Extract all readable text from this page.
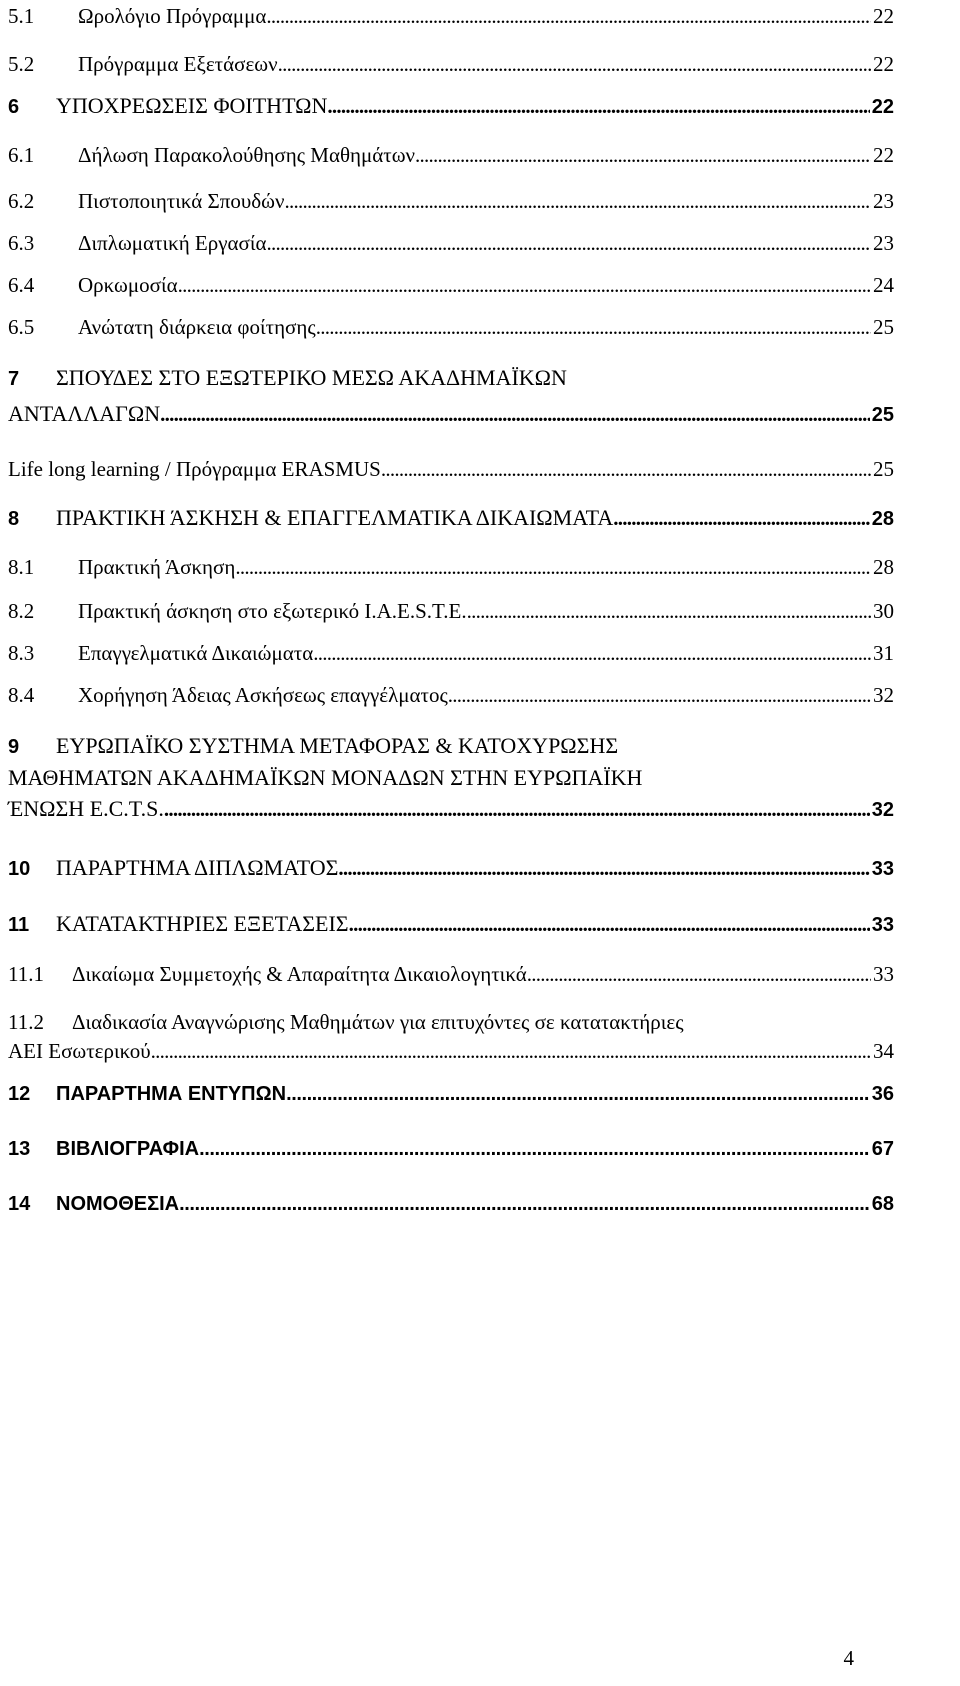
5.1	Ωρολόγιο Πρόγραμμα . . .	22
5.2	Πρόγραμμα Εξετάσεων . . .	22
6	ΥΠΟΧΡΕΩΣΕΙΣ ΦΟΙΤΗΤΩΝ . . .	22
6.1	Δήλωση Παρακολούθησης Μαθημάτων . . .	22
6.2	Πιστοποιητικά Σπουδών . . .	23
6.3	Διπλωματική Εργασία . . .	23
6.4	Ορκωμοσία . . .	24
6.5	Ανώτατη διάρκεια φοίτησης . . .	25
7	ΣΠΟΥΔΕΣ ΣΤΟ ΕΞΩΤΕΡΙΚΟ ΜΕΣΩ ΑΚΑΔΗΜΑΪΚΩΝ
ΑΝΤΑΛΛΑΓΩΝ . . .	25
Life long learning / Πρόγραμμα ERASMUS . . .	25
8	ΠΡΑΚΤΙΚΗ ΆΣΚΗΣΗ & ΕΠΑΓΓΕΛΜΑΤΙΚΑ ΔΙΚΑΙΩΜΑΤΑ . . .	28
8.1	Πρακτική Άσκηση . . .	28
8.2	Πρακτική άσκηση στο εξωτερικό Ι.Α.Ε.S.Τ.Ε. . . .	30
8.3	Επαγγελματικά Δικαιώματα . . .	31
8.4	Χορήγηση Άδειας Ασκήσεως επαγγέλματος . . .	32
9	ΕΥΡΩΠΑΪΚΟ ΣΥΣΤΗΜΑ ΜΕΤΑΦΟΡΑΣ & ΚΑΤΟΧΥΡΩΣΗΣ
ΜΑΘΗΜΑΤΩΝ ΑΚΑΔΗΜΑΪΚΩΝ ΜΟΝΑΔΩΝ ΣΤΗΝ ΕΥΡΩΠΑΪΚΗ
ΈΝΩΣΗ Ε.C.T.S. . . .	32
10	ΠΑΡΑΡΤΗΜΑ ΔΙΠΛΩΜΑΤΟΣ . . .	33
11	ΚΑΤΑΤΑΚΤΗΡΙΕΣ ΕΞΕΤΑΣΕΙΣ . . .	33
11.1	Δικαίωμα Συμμετοχής & Απαραίτητα Δικαιολογητικά . . .	33
11.2	Διαδικασία Αναγνώρισης Μαθημάτων για επιτυχόντες σε κατατακτήριες
ΑΕΙ Εσωτερικού . . .	34
12	ΠΑΡΑΡΤΗΜΑ ΕΝΤΥΠΩΝ . . .	36
13	ΒΙΒΛΙΟΓΡΑΦΙΑ . . .	67
14	ΝΟΜΟΘΕΣΙΑ . . .	68
4
